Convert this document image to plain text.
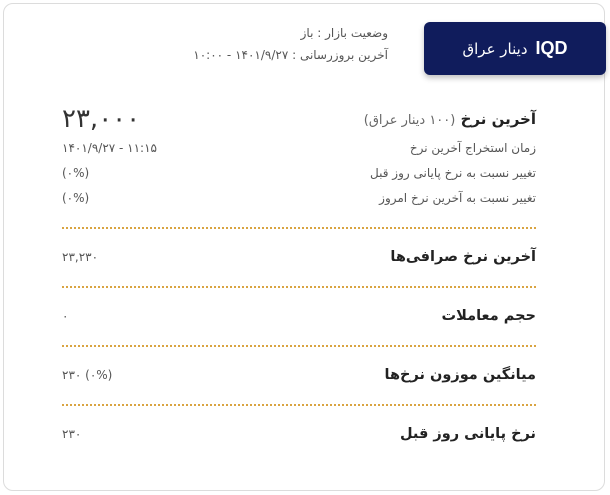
IQD
دینار عراق
وضعیت بازار : باز
آخرین بروزرسانی : ۱۴۰۱/۹/۲۷ - ۱۰:۰۰
۲۳,۰۰۰	آخرین نرخ (۱۰۰ دینار عراق)
۱۴۰۱/۹/۲۷ - ۱۱:۱۵	زمان استخراج آخرین نرخ
(۰%)	تغییر نسبت به نرخ پایانی روز قبل
(۰%)	تغییر نسبت به آخرین نرخ امروز
۲۳,۲۳۰	آخرین نرخ صرافی‌ها
۰	حجم معاملات
۲۳۰ (۰%)	میانگین موزون نرخ‌ها
۲۳۰	نرخ پایانی روز قبل
